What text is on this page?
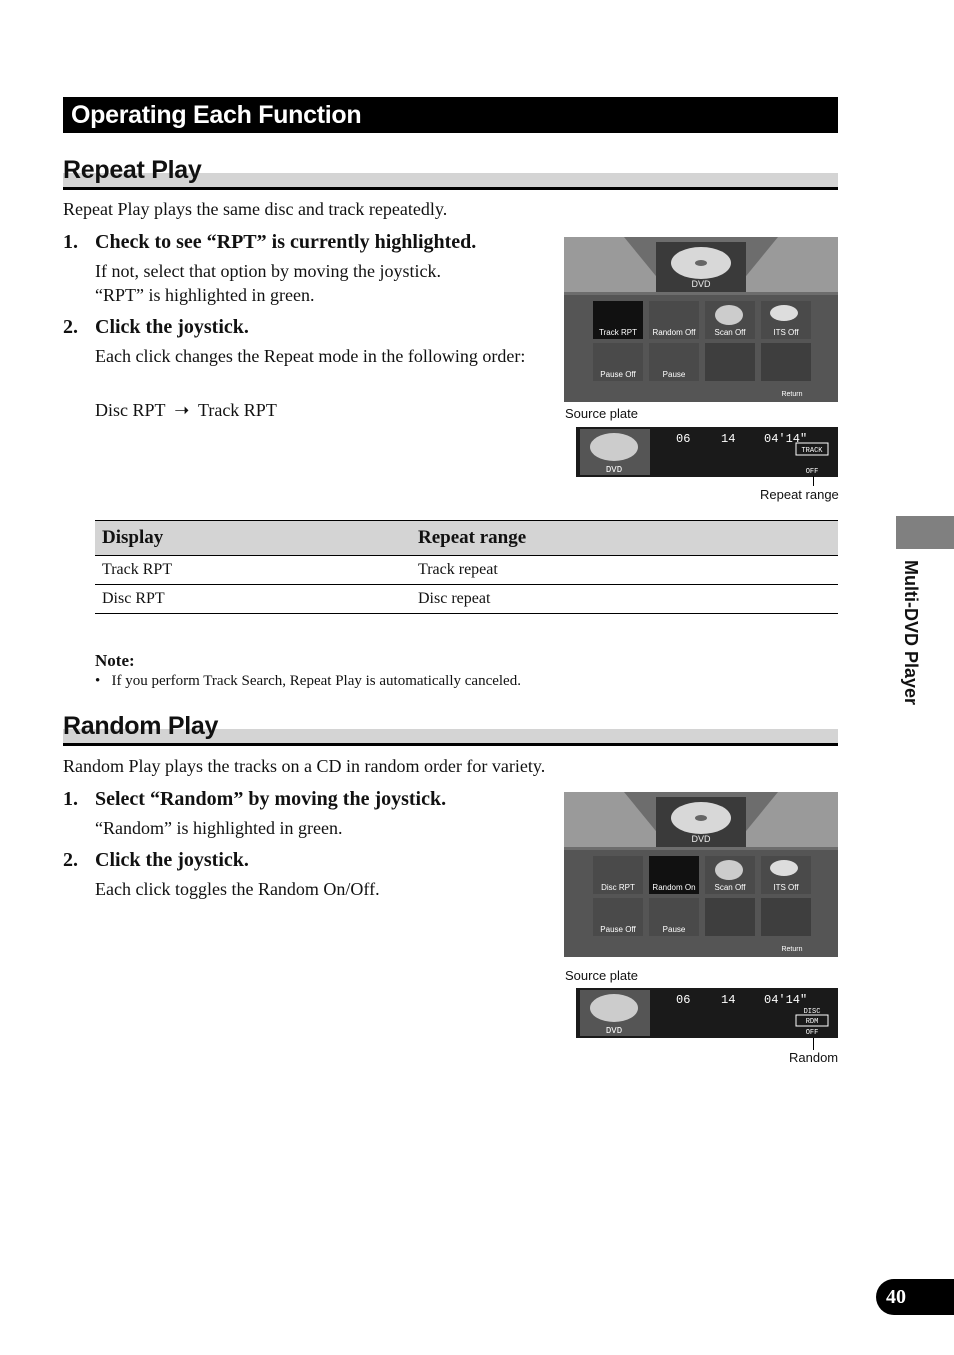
Operating Each Function
Repeat Play
Repeat Play plays the same disc and track repeatedly.
1. Check to see “RPT” is currently highlighted.
If not, select that option by moving the joystick.
“RPT” is highlighted in green.
2. Click the joystick.
Each click changes the Repeat mode in the following order:
Disc RPT  ➝  Track RPT
DVD
Track RPT Random Off Scan Off	ITS Off
Pause Off	Pause
Return
Source plate
DVD
06	14 04'14"
TRACK
OFF
Repeat range
Display	Repeat range
Track RPT	Track repeat
Disc RPT	Disc repeat
Note:
• If you perform Track Search, Repeat Play is automatically canceled.
Random Play
Random Play plays the tracks on a CD in random order for variety.
1. Select “Random” by moving the joystick.
“Random” is highlighted in green.
2. Click the joystick.
Each click toggles the Random On/Off.
DVD
Disc RPT Random On Scan Off	ITS Off
Pause Off	Pause
Return
Source plate
DVD
06	14 04'14"
DISC
RDM
OFF
Random
Multi-DVD Player
40
